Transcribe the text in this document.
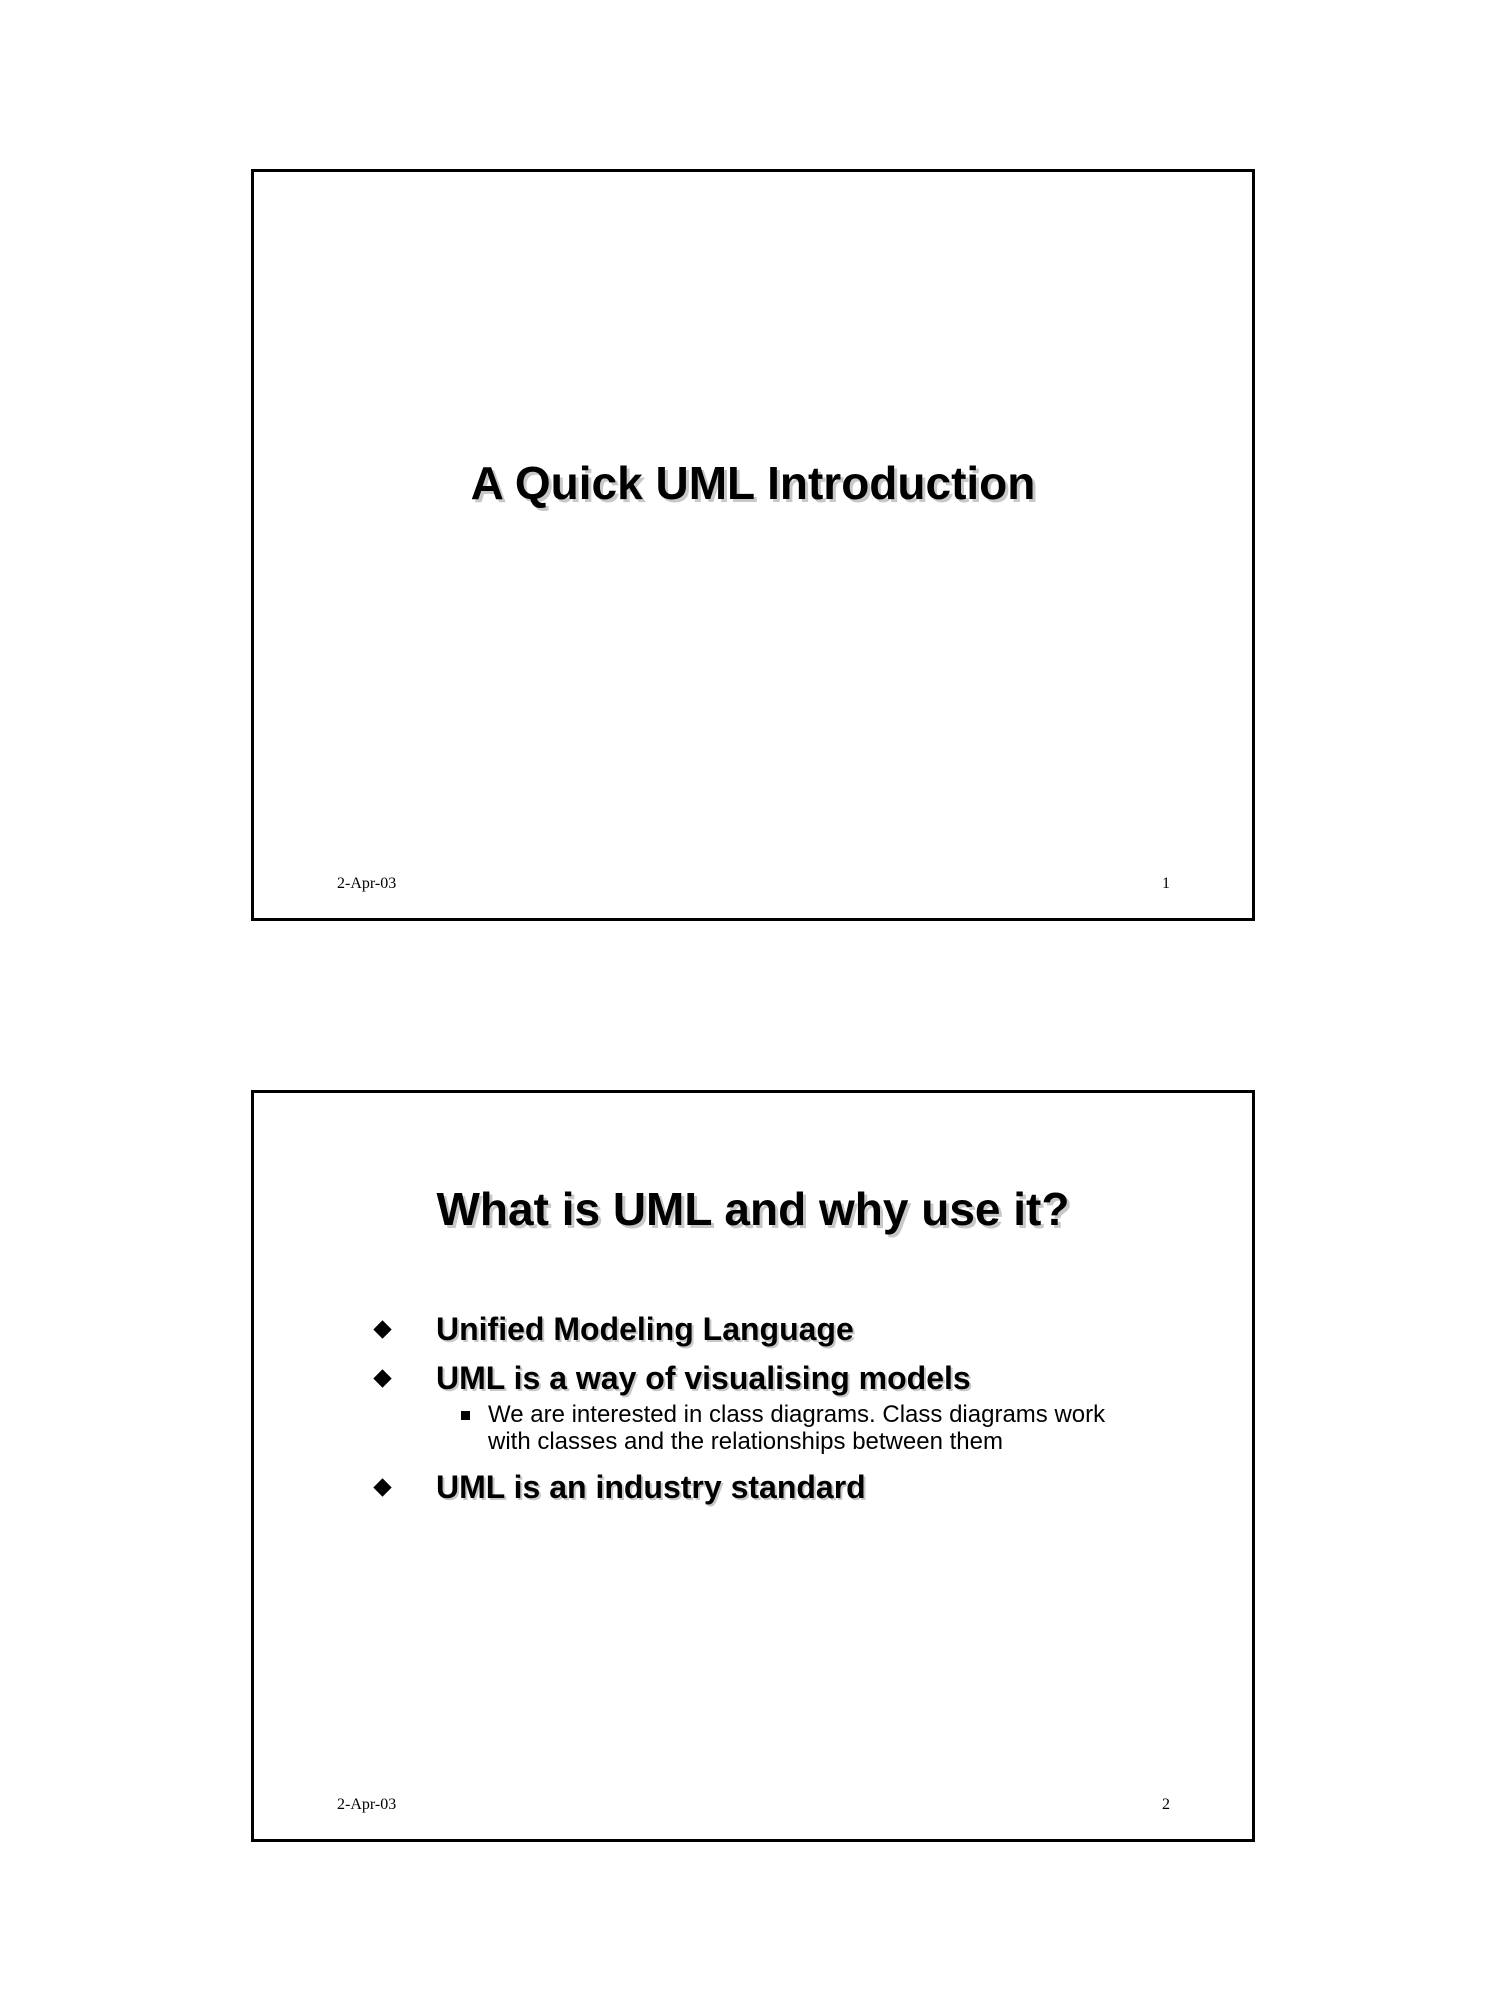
A Quick UML Introduction
2-Apr-03	1
What is UML and why use it?
Unified Modeling Language
UML is a way of visualising models
We are interested in class diagrams. Class diagrams work with classes and the relationships between them
UML is an industry standard
2-Apr-03	2
